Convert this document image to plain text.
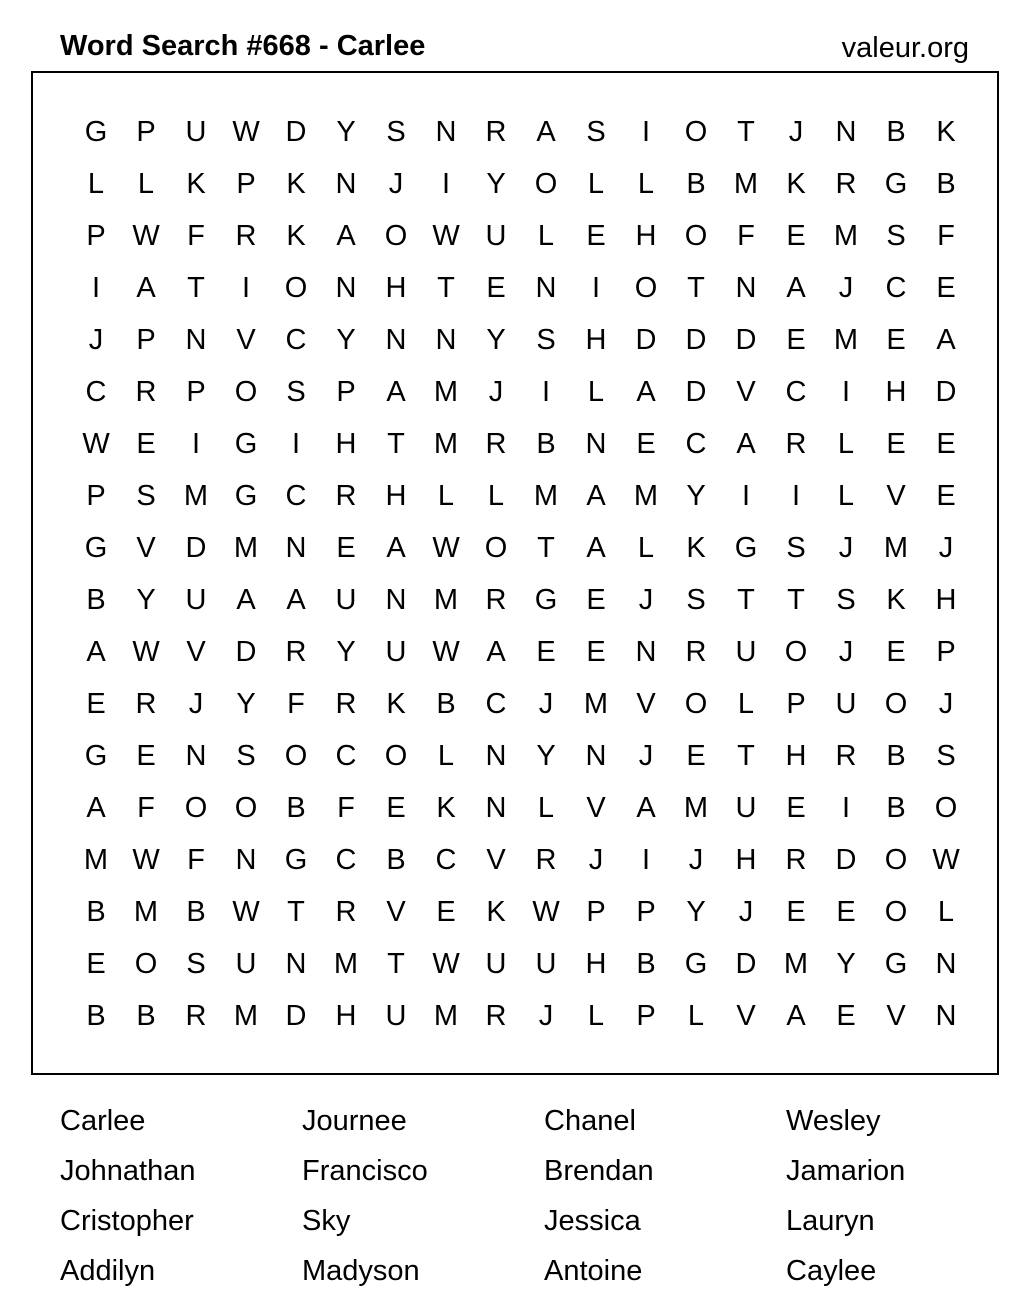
Word Search #668 - Carlee	valeur.org
G	P	U W D	Y	S	N	R	A	S	I	O	T	J	N	B	K
L	L	K	P	K	N	J	I	Y	O	L	L	B M K	R G	B
P W F	R	K	A	O W U	L	E	H O	F	E M S	F
I	A	T	I	O N	H	T	E	N	I	O	T	N	A	J	C	E
J	P	N	V	C	Y	N	N	Y	S	H	D	D	D	E M E	A
C	R	P	O	S	P	A M	J	I	L	A	D	V	C	I	H	D
W E	I	G	I	H	T	M R	B	N	E	C	A	R	L	E	E
P	S M G C	R	H	L	L	M A M Y	I	I	L	V	E
G	V	D M N	E	A W O	T	A	L	K	G	S	J	M	J
B	Y	U	A	A	U	N M R G	E	J	S	T	T	S	K	H
A W V	D	R	Y	U W A	E	E	N	R	U O	J	E	P
E	R	J	Y	F	R	K	B	C	J	M V	O	L	P	U O	J
G	E	N	S	O C O	L	N	Y	N	J	E	T	H	R	B	S
A	F	O O	B	F	E	K	N	L	V	A M U	E	I	B	O
M W F	N G C	B	C	V	R	J	I	J	H	R	D O W
B M B W T	R	V	E	K W P	P	Y	J	E	E	O	L
E	O	S	U	N M	T W U	U	H	B	G D M Y	G N
B	B	R M D	H	U M R	J	L	P	L	V	A	E	V	N
Carlee	Journee	Chanel	Wesley
Johnathan	Francisco	Brendan	Jamarion
Cristopher	Sky	Jessica	Lauryn
Addilyn	Madyson	Antoine	Caylee
